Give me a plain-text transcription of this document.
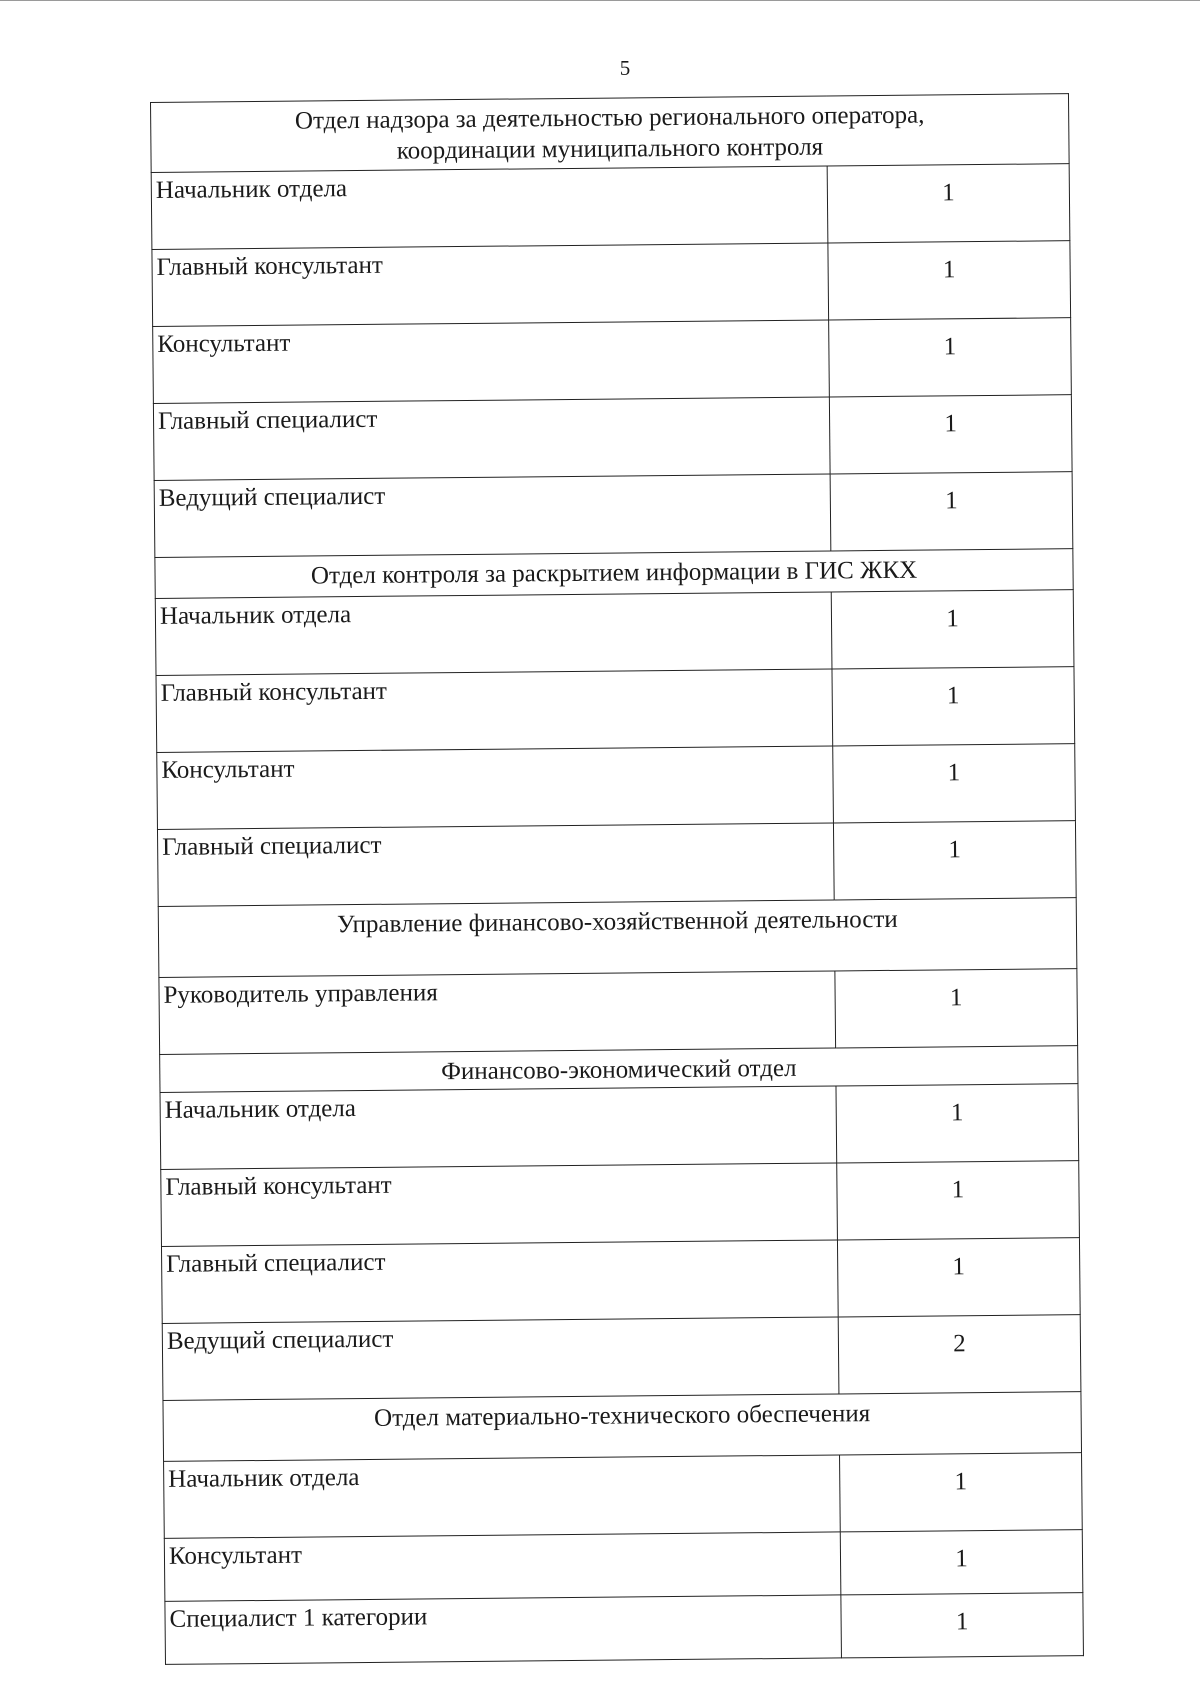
5
Отдел надзора за деятельностью регионального оператора,
координации муниципального контроля	

Начальник отдела	1
Главный консультант	1
Консультант	1
Главный специалист	1
Ведущий специалист	1

Отдел контроля за раскрытием информации в ГИС ЖКХ	

Начальник отдела	1
Главный консультант	1
Консультант	1
Главный специалист	1

Управление финансово-хозяйственной деятельности	

Руководитель управления	1

Финансово-экономический отдел	

Начальник отдела	1
Главный консультант	1
Главный специалист	1
Ведущий специалист	2

Отдел материально-технического обеспечения	

Начальник отдела	1
Консультант	1
Специалист 1 категории	1
